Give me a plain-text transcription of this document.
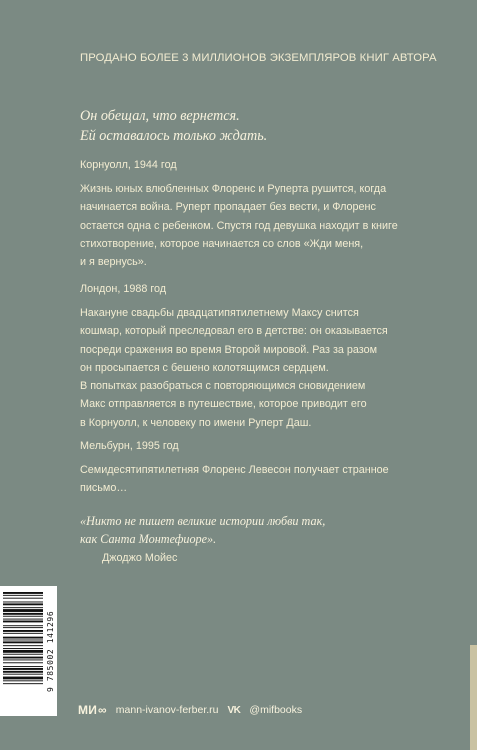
ПРОДАНО БОЛЕЕ 3 МИЛЛИОНОВ ЭКЗЕМПЛЯРОВ КНИГ АВТОРА
Он обещал, что вернется.
Ей оставалось только ждать.
Корнуолл, 1944 год
Жизнь юных влюбленных Флоренс и Руперта рушится, когда
начинается война. Руперт пропадает без вести, и Флоренс
остается одна с ребенком. Спустя год девушка находит в книге
стихотворение, которое начинается со слов «Жди меня,
и я вернусь».
Лондон, 1988 год
Накануне свадьбы двадцатипятилетнему Максу снится
кошмар, который преследовал его в детстве: он оказывается
посреди сражения во время Второй мировой. Раз за разом
он просыпается с бешено колотящимся сердцем.
В попытках разобраться с повторяющимся сновидением
Макс отправляется в путешествие, которое приводит его
в Корнуолл, к человеку по имени Руперт Даш.
Мельбурн, 1995 год
Семидесятипятилетняя Флоренс Левесон получает странное
письмо…
«Никто не пишет великие истории любви так,
как Санта Монтефиоре».
Джоджо Мойес
9 785002 141296
МИ ∞ mann-ivanov-ferber.ru VK @mifbooks
